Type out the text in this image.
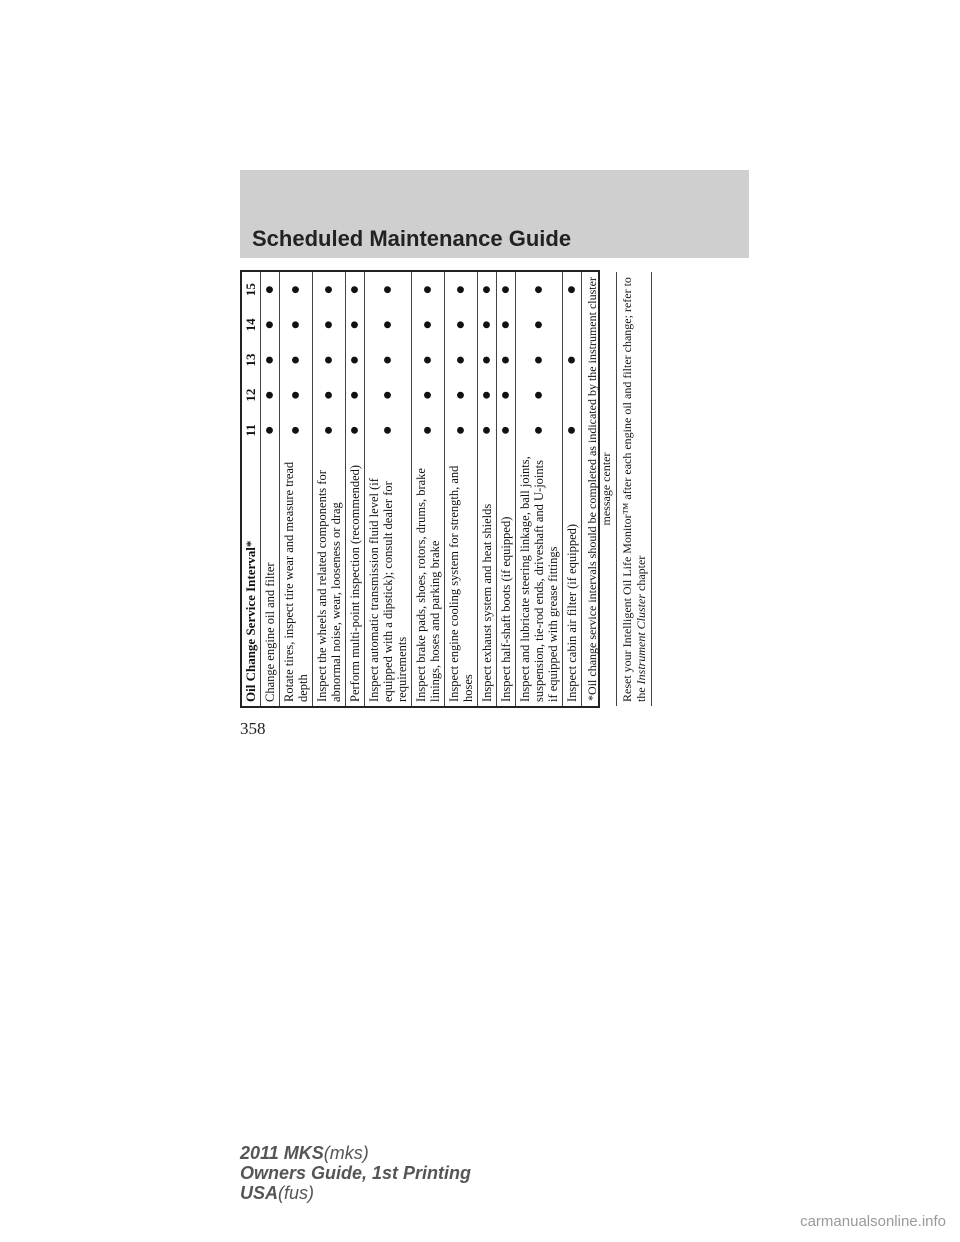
Scheduled Maintenance Guide
Oil Change Service Interval*	11	12	13	14	15
Change engine oil and filter	●	●	●	●	●
Rotate tires, inspect tire wear and measure tread depth	●	●	●	●	●
Inspect the wheels and related components for abnormal noise, wear, looseness or drag	●	●	●	●	●
Perform multi-point inspection (recommended)	●	●	●	●	●
Inspect automatic transmission fluid level (if equipped with a dipstick); consult dealer for requirements	●	●	●	●	●
Inspect brake pads, shoes, rotors, drums, brake linings, hoses and parking brake	●	●	●	●	●
Inspect engine cooling system for strength, and hoses	●	●	●	●	●
Inspect exhaust system and heat shields	●	●	●	●	●
Inspect half-shaft boots (if equipped)	●	●	●	●	●
Inspect and lubricate steering linkage, ball joints, suspension, tie-rod ends, driveshaft and U-joints if equipped with grease fittings	●	●	●	●	●
Inspect cabin air filter (if equipped)	●		●		●
*Oil change service intervals should be completed as indicated by the instrument cluster message center					
Reset your Intelligent Oil Life Monitor™ after each engine oil and filter change; refer to the Instrument Cluster chapter					
358
2011 MKS(mks)
Owners Guide, 1st Printing
USA(fus)
carmanualsonline.info
